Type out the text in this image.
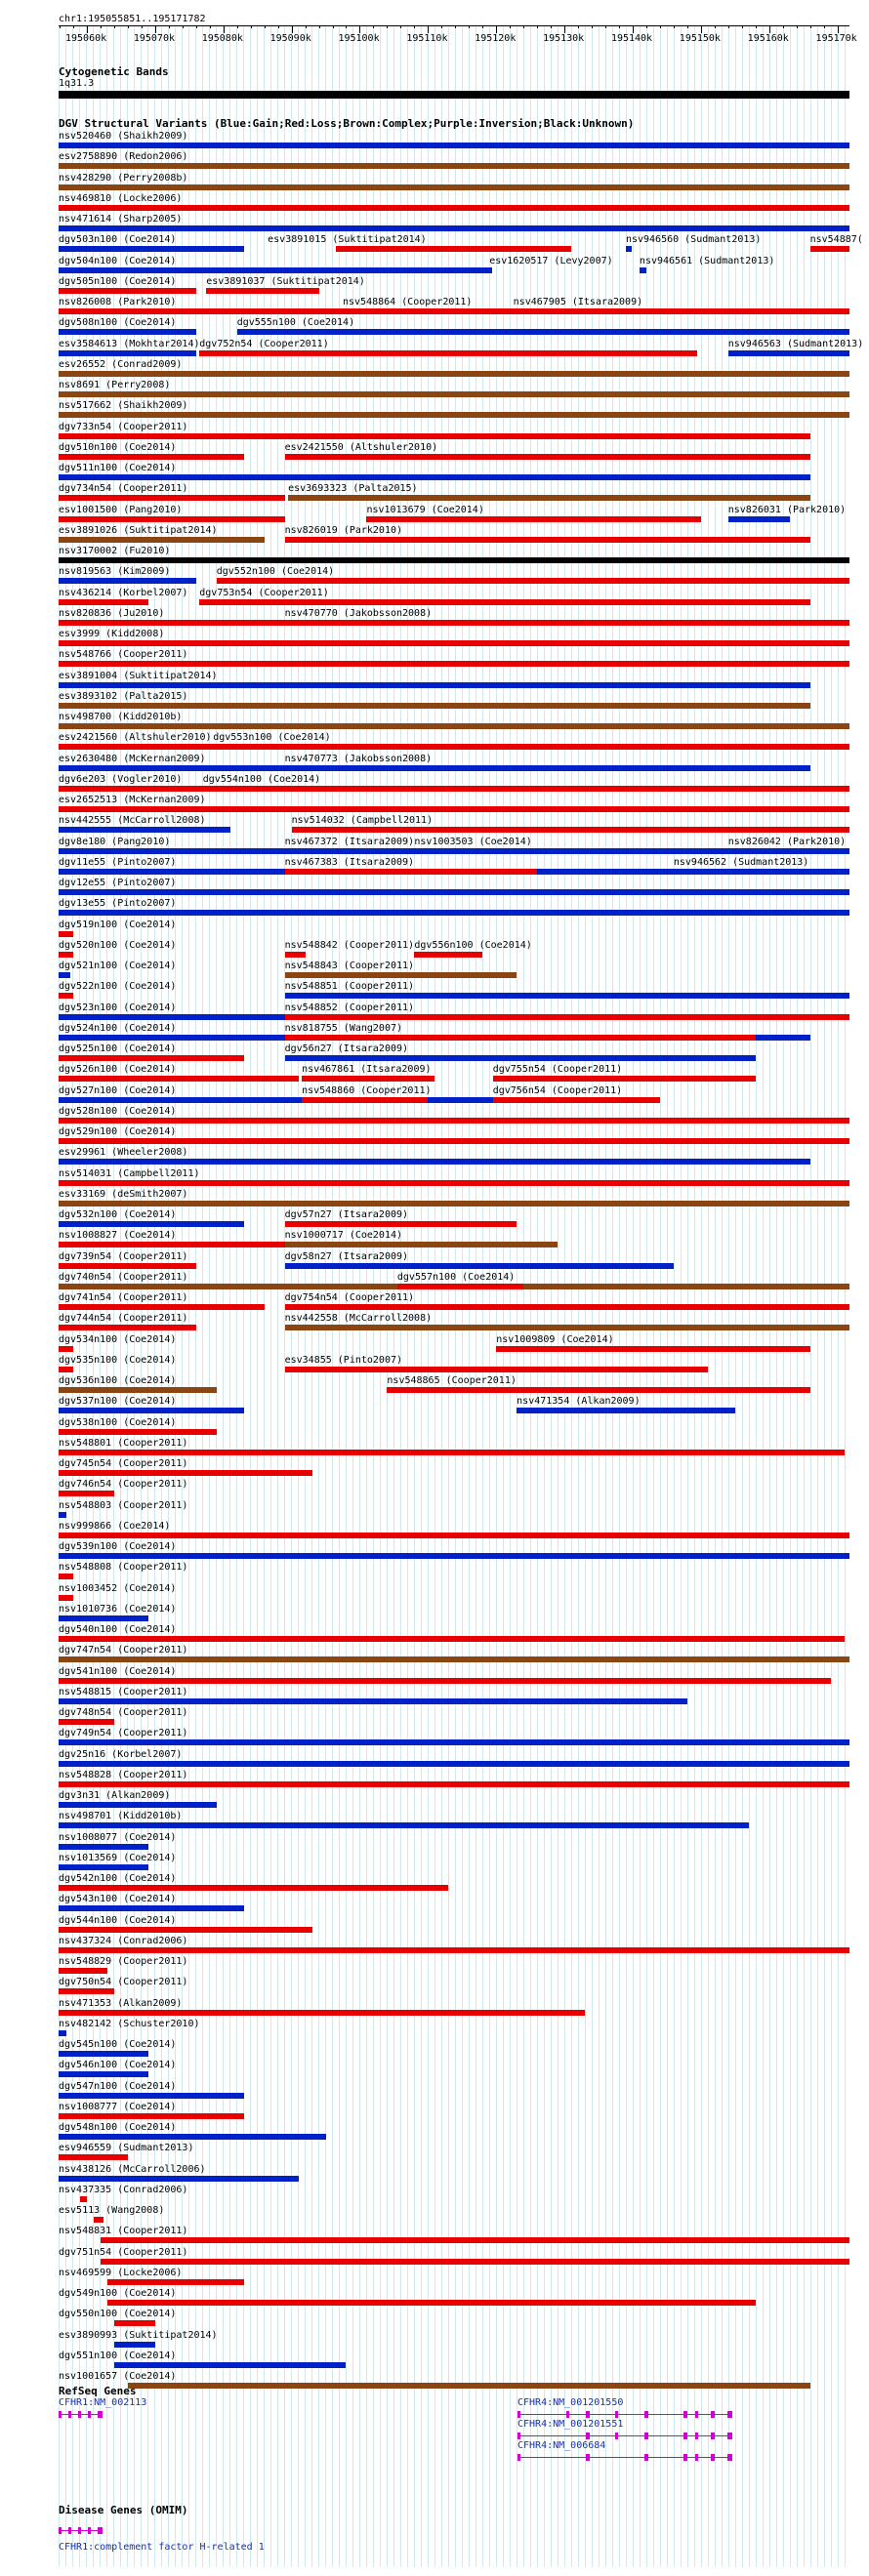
chr1:195055851..195171782
195060k	195070k	195080k	195090k	195100k	195110k	195120k	195130k	195140k	195150k	195160k	195170k
Cytogenetic Bands
1q31.3
DGV Structural Variants (Blue:Gain;Red:Loss;Brown:Complex;Purple:Inversion;Black:Unknown)
nsv520460 (Shaikh2009)
esv2758890 (Redon2006)
nsv428290 (Perry2008b)
nsv469810 (Locke2006)
nsv471614 (Sharp2005)
dgv503n100 (Coe2014)
dgv504n100 (Coe2014)
dgv505n100 (Coe2014)
nsv826008 (Park2010)
dgv508n100 (Coe2014)
esv3584613 (Mokhtar2014)
esv26552 (Conrad2009)
nsv8691 (Perry2008)
nsv517662 (Shaikh2009)
dgv733n54 (Cooper2011)
dgv510n100 (Coe2014)
dgv511n100 (Coe2014)
dgv734n54 (Cooper2011)
esv1001500 (Pang2010)
esv3891026 (Suktitipat2014)
nsv3170002 (Fu2010)
nsv819563 (Kim2009)
nsv436214 (Korbel2007)
nsv820836 (Ju2010)
esv3999 (Kidd2008)
nsv548766 (Cooper2011)
esv3891004 (Suktitipat2014)
esv3893102 (Palta2015)
nsv498700 (Kidd2010b)
esv2421560 (Altshuler2010)
esv2630480 (McKernan2009)
dgv6e203 (Vogler2010)
esv2652513 (McKernan2009)
nsv442555 (McCarroll2008)
dgv8e180 (Pang2010)
dgv11e55 (Pinto2007)
dgv12e55 (Pinto2007)
dgv13e55 (Pinto2007)
dgv519n100 (Coe2014)
dgv520n100 (Coe2014)
dgv521n100 (Coe2014)
dgv522n100 (Coe2014)
dgv523n100 (Coe2014)
dgv524n100 (Coe2014)
dgv525n100 (Coe2014)
dgv526n100 (Coe2014)
dgv527n100 (Coe2014)
dgv528n100 (Coe2014)
dgv529n100 (Coe2014)
esv29961 (Wheeler2008)
nsv514031 (Campbell2011)
esv33169 (deSmith2007)
dgv532n100 (Coe2014)
nsv1008827 (Coe2014)
dgv739n54 (Cooper2011)
dgv740n54 (Cooper2011)
dgv741n54 (Cooper2011)
dgv744n54 (Cooper2011)
dgv534n100 (Coe2014)
dgv535n100 (Coe2014)
dgv536n100 (Coe2014)
dgv537n100 (Coe2014)
dgv538n100 (Coe2014)
nsv548801 (Cooper2011)
dgv745n54 (Cooper2011)
dgv746n54 (Cooper2011)
nsv548803 (Cooper2011)
nsv999866 (Coe2014)
dgv539n100 (Coe2014)
nsv548808 (Cooper2011)
nsv1003452 (Coe2014)
nsv1010736 (Coe2014)
dgv540n100 (Coe2014)
dgv747n54 (Cooper2011)
dgv541n100 (Coe2014)
nsv548815 (Cooper2011)
dgv748n54 (Cooper2011)
dgv749n54 (Cooper2011)
dgv25n16 (Korbel2007)
nsv548828 (Cooper2011)
dgv3n31 (Alkan2009)
nsv498701 (Kidd2010b)
nsv1008077 (Coe2014)
nsv1013569 (Coe2014)
dgv542n100 (Coe2014)
dgv543n100 (Coe2014)
dgv544n100 (Coe2014)
nsv437324 (Conrad2006)
nsv548829 (Cooper2011)
dgv750n54 (Cooper2011)
nsv471353 (Alkan2009)
nsv482142 (Schuster2010)
dgv545n100 (Coe2014)
dgv546n100 (Coe2014)
dgv547n100 (Coe2014)
nsv1008777 (Coe2014)
dgv548n100 (Coe2014)
esv946559 (Sudmant2013)
nsv438126 (McCarroll2006)
nsv437335 (Conrad2006)
esv5113 (Wang2008)
nsv548831 (Cooper2011)
dgv751n54 (Cooper2011)
nsv469599 (Locke2006)
dgv549n100 (Coe2014)
dgv550n100 (Coe2014)
esv3890993 (Suktitipat2014)
dgv551n100 (Coe2014)
nsv1001657 (Coe2014)
esv3891015 (Suktitipat2014)	nsv946560 (Sudmant2013)	nsv54887(
esv1620517 (Levy2007)	nsv946561 (Sudmant2013)
esv3891037 (Suktitipat2014)
nsv548864 (Cooper2011)	nsv467905 (Itsara2009)
dgv555n100 (Coe2014)
dgv752n54 (Cooper2011)	nsv946563 (Sudmant2013)
esv2421550 (Altshuler2010)
esv3693323 (Palta2015)
nsv1013679 (Coe2014)	nsv826031 (Park2010)
nsv826019 (Park2010)
dgv552n100 (Coe2014)
dgv753n54 (Cooper2011)
nsv470770 (Jakobsson2008)
dgv553n100 (Coe2014)
nsv470773 (Jakobsson2008)
dgv554n100 (Coe2014)
nsv514032 (Campbell2011)
nsv467372 (Itsara2009) nsv1003503 (Coe2014)	nsv826042 (Park2010)
nsv467383 (Itsara2009)	nsv946562 (Sudmant2013)
nsv548842 (Cooper2011) dgv556n100 (Coe2014)
nsv548843 (Cooper2011)
nsv548851 (Cooper2011)
nsv548852 (Cooper2011)
nsv818755 (Wang2007)
dgv56n27 (Itsara2009)
nsv467861 (Itsara2009)	dgv755n54 (Cooper2011)
nsv548860 (Cooper2011)	dgv756n54 (Cooper2011)
dgv57n27 (Itsara2009)
nsv1000717 (Coe2014)
dgv58n27 (Itsara2009)
dgv557n100 (Coe2014)
dgv754n54 (Cooper2011)
nsv442558 (McCarroll2008)
nsv1009809 (Coe2014)
esv34855 (Pinto2007)
nsv548865 (Cooper2011)
nsv471354 (Alkan2009)
RefSeq Genes
CFHR1:NM_002113	CFHR4:NM_001201550
CFHR4:NM_001201551
CFHR4:NM_006684
Disease Genes (OMIM)
CFHR1:complement factor H-related 1
